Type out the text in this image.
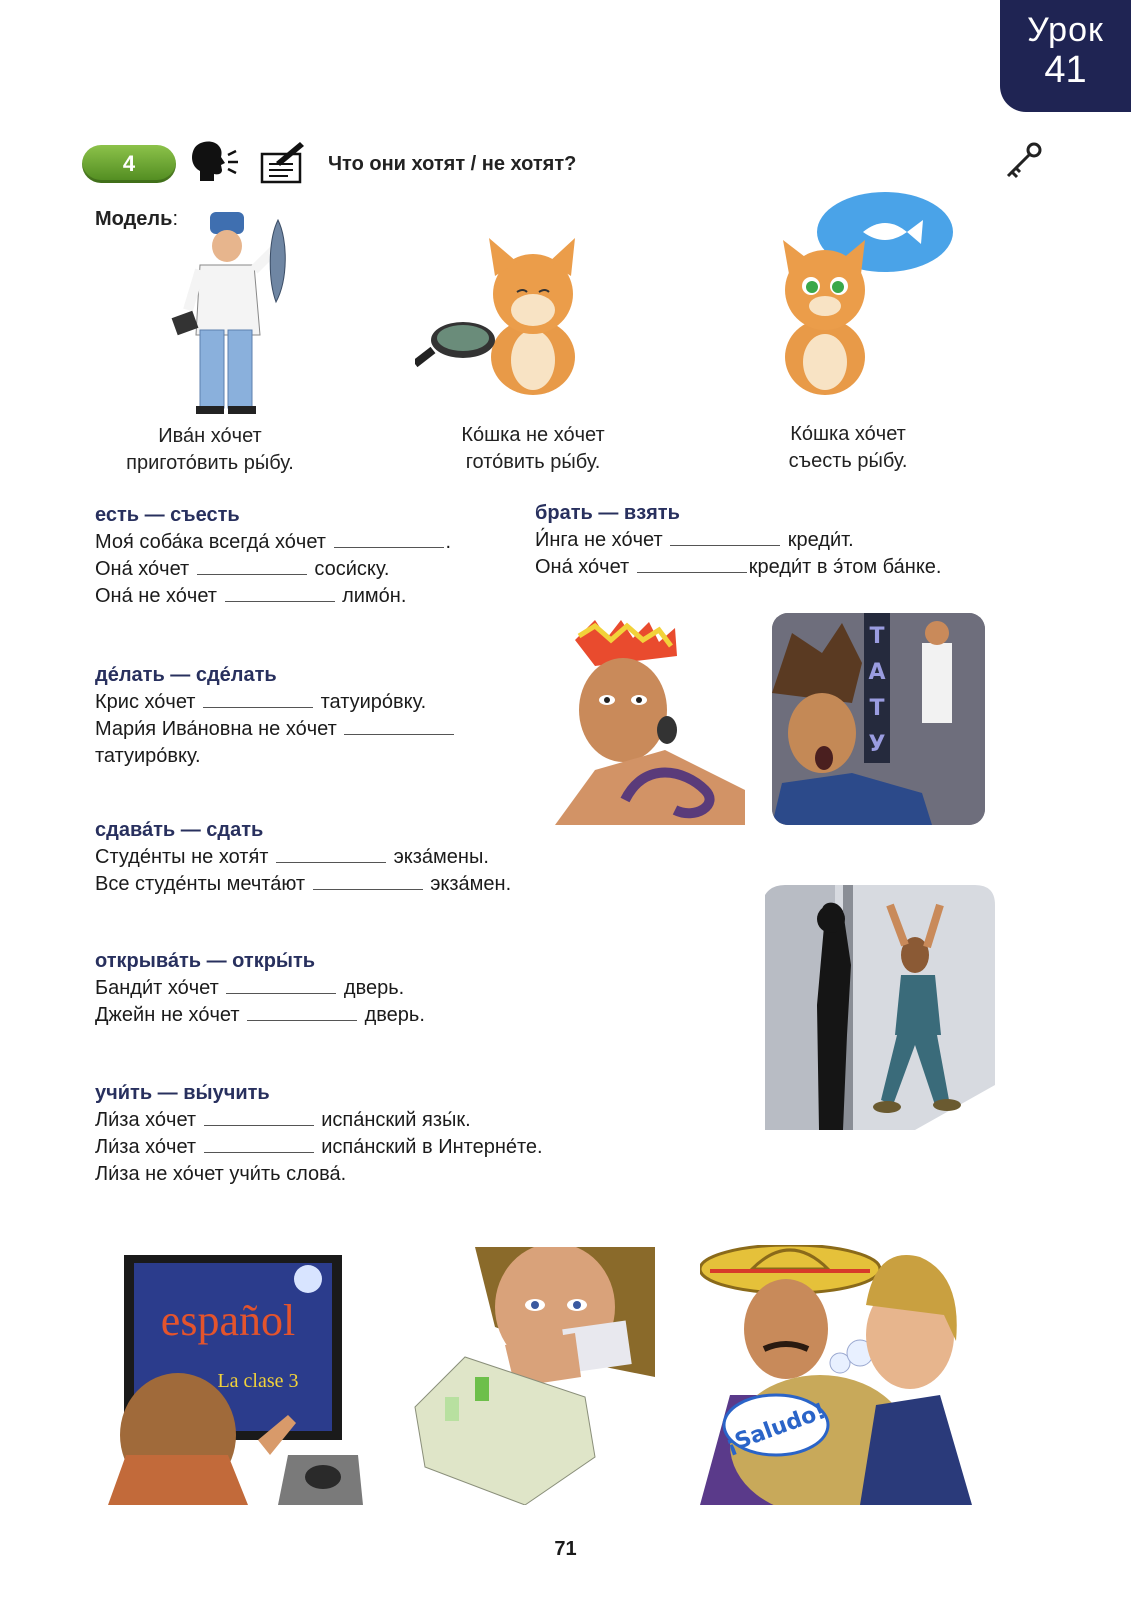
Урок
41
4	Что они хотят / не хотят?
Модель:
Ива́н хо́чет
пригото́вить ры́бу.
Ко́шка не хо́чет
гото́вить ры́бу.
Ко́шка хо́чет
съесть ры́бу.
есть — съесть
Моя́ соба́ка всегда́ хо́чет	.
Она́ хо́чет	соси́ску.
Она́ не хо́чет	лимо́н.
брать — взять
И́нга не хо́чет	креди́т.
Она́ хо́чет	креди́т в э́том ба́нке.
де́лать — сде́лать
Крис хо́чет	татуиро́вку.
Мари́я Ива́новна не хо́чет
татуиро́вку.
Т
А
Т
У
сдава́ть — сдать
Студе́нты не хотя́т	экза́мены.
Все студе́нты мечта́ют	экза́мен.
открыва́ть — откры́ть
Банди́т хо́чет	дверь.
Джейн не хо́чет	дверь.
учи́ть — вы́учить
Ли́за хо́чет	испа́нский язы́к.
Ли́за хо́чет	испа́нский в Интерне́те.
Ли́за не хо́чет учи́ть слова́.
español
La clase 3
¡Saludo!
71
